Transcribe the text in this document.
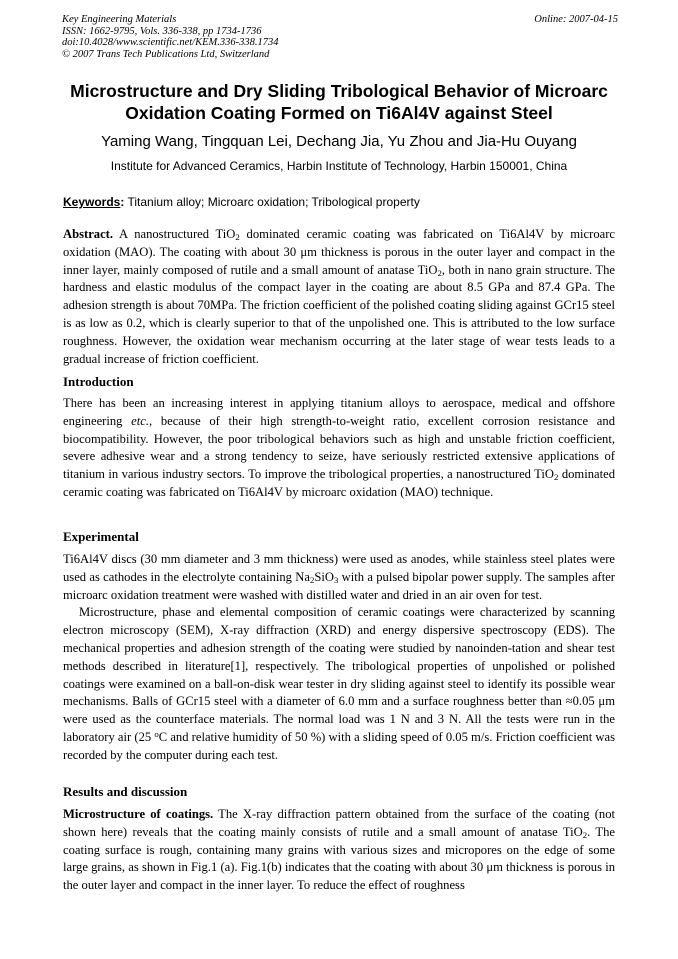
Key Engineering Materials
ISSN: 1662-9795, Vols. 336-338, pp 1734-1736
doi:10.4028/www.scientific.net/KEM.336-338.1734
© 2007 Trans Tech Publications Ltd, Switzerland
Online: 2007-04-15
Microstructure and Dry Sliding Tribological Behavior of Microarc
Oxidation Coating Formed on Ti6Al4V against Steel
Yaming Wang, Tingquan Lei, Dechang Jia, Yu Zhou and Jia-Hu Ouyang
Institute for Advanced Ceramics, Harbin Institute of Technology, Harbin 150001, China
Keywords: Titanium alloy; Microarc oxidation; Tribological property

Abstract. A nanostructured TiO$_2$ dominated ceramic coating was fabricated on Ti6Al4V by microarc oxidation (MAO). The coating with about 30 μm thickness is porous in the outer layer and compact in the inner layer, mainly composed of rutile and a small amount of anatase TiO$_2$, both in nano grain structure. The hardness and elastic modulus of the compact layer in the coating are about 8.5 GPa and 87.4 GPa. The adhesion strength is about 70MPa. The friction coefficient of the polished coating sliding against GCr15 steel is as low as 0.2, which is clearly superior to that of the unpolished one. This is attributed to the low surface roughness. However, the oxidation wear mechanism occurring at the later stage of wear tests leads to a gradual increase of friction coefficient.

Introduction

There has been an increasing interest in applying titanium alloys to aerospace, medical and offshore engineering etc., because of their high strength-to-weight ratio, excellent corrosion resistance and biocompatibility. However, the poor tribological behaviors such as high and unstable friction coefficient, severe adhesive wear and a strong tendency to seize, have seriously restricted extensive applications of titanium in various industry sectors. To improve the tribological properties, a nanostructured TiO$_2$ dominated ceramic coating was fabricated on Ti6Al4V by microarc oxidation (MAO) technique.

Experimental

Ti6Al4V discs (30 mm diameter and 3 mm thickness) were used as anodes, while stainless steel plates were used as cathodes in the electrolyte containing $Na_2SiO_3$ with a pulsed bipolar power supply. The samples after microarc oxidation treatment were washed with distilled water and dried in an air oven for test.

Microstructure, phase and elemental composition of ceramic coatings were characterized by scanning electron microscopy (SEM), X-ray diffraction (XRD) and energy dispersive spectroscopy (EDS). The mechanical properties and adhesion strength of the coating were studied by nanoinden-tation and shear test methods described in literature[1], respectively. The tribological properties of unpolished or polished coatings were examined on a ball-on-disk wear tester in dry sliding against steel to identify its possible wear mechanisms. Balls of GCr15 steel with a diameter of 6.0 mm and a surface roughness better than ≈0.05 μm were used as the counterface materials. The normal load was 1 N and 3 N. All the tests were run in the laboratory air (25 $^o$C and relative humidity of 50 %) with a sliding speed of 0.05 m/s. Friction coefficient was recorded by the computer during each test.

Results and discussion

Microstructure of coatings. The X-ray diffraction pattern obtained from the surface of the coating (not shown here) reveals that the coating mainly consists of rutile and a small amount of anatase TiO$_2$. The coating surface is rough, containing many grains with various sizes and micropores on the edge of some large grains, as shown in Fig.1 (a). Fig.1(b) indicates that the coating with about 30 μm thickness is porous in the outer layer and compact in the inner layer. To reduce the effect of roughness
